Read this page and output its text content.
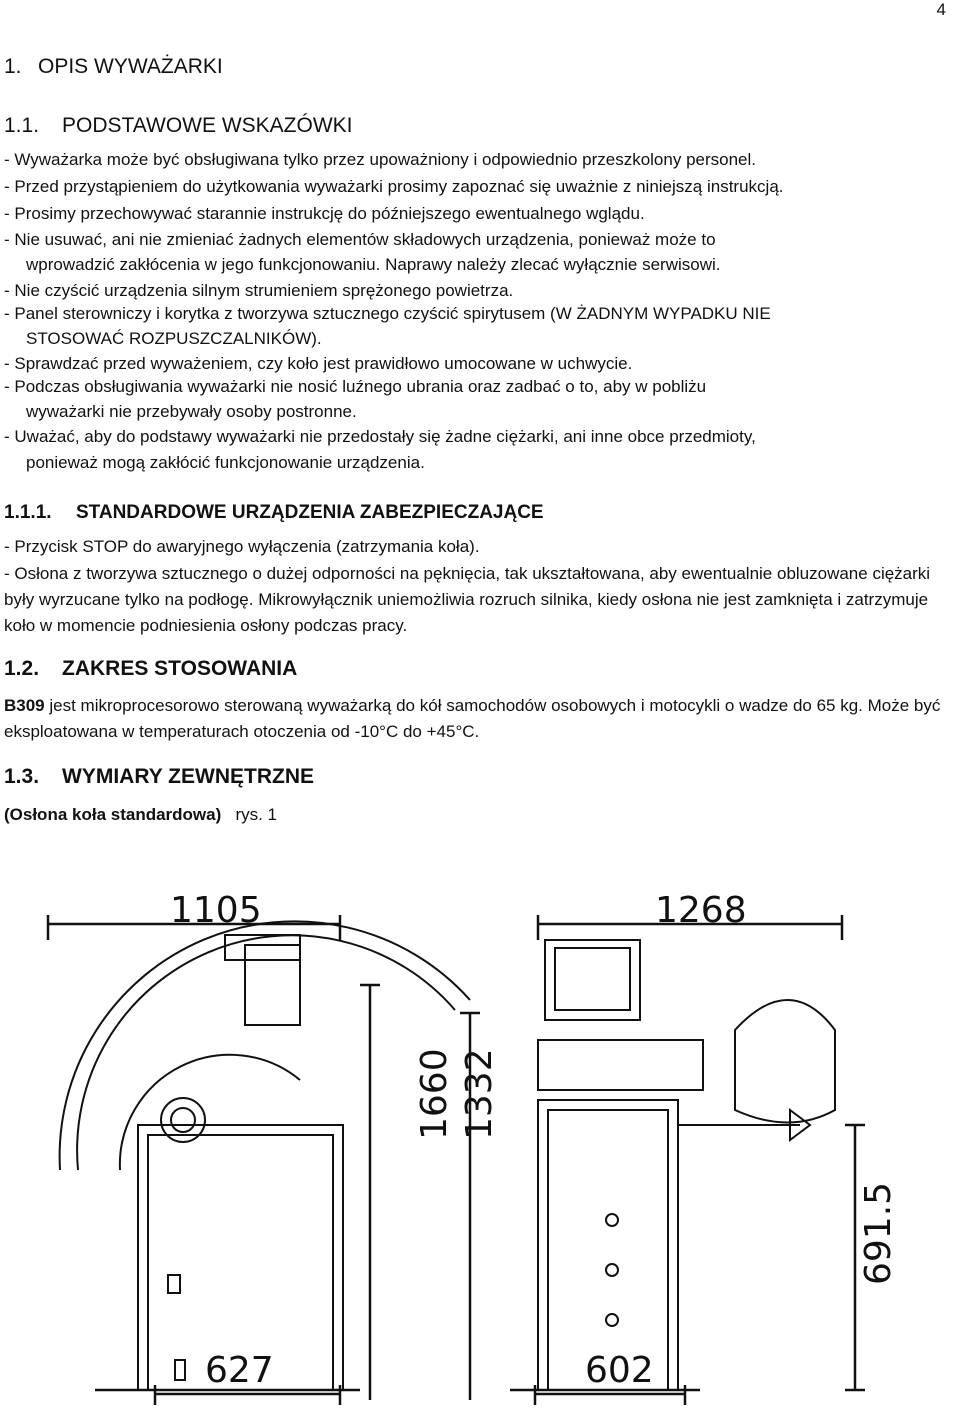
4
1. OPIS WYWAŻARKI
1.1. PODSTAWOWE WSKAZÓWKI
- Wyważarka może być obsługiwana tylko przez upoważniony i odpowiednio przeszkolony personel.
- Przed przystąpieniem do użytkowania wyważarki prosimy zapoznać się uważnie z niniejszą instrukcją.
- Prosimy przechowywać starannie instrukcję do późniejszego ewentualnego wglądu.
- Nie usuwać, ani nie zmieniać żadnych elementów składowych urządzenia, ponieważ może to
wprowadzić zakłócenia w jego funkcjonowaniu. Naprawy należy zlecać wyłącznie serwisowi.
- Nie czyścić urządzenia silnym strumieniem sprężonego powietrza.
- Panel sterowniczy i korytka z tworzywa sztucznego czyścić spirytusem (W ŻADNYM WYPADKU NIE
STOSOWAĆ ROZPUSZCZALNIKÓW).
- Sprawdzać przed wyważeniem, czy koło jest prawidłowo umocowane w uchwycie.
- Podczas obsługiwania wyważarki nie nosić luźnego ubrania oraz zadbać o to, aby w pobliżu
wyważarki nie przebywały osoby postronne.
- Uważać, aby do podstawy wyważarki nie przedostały się żadne ciężarki, ani inne obce przedmioty,
ponieważ mogą zakłócić funkcjonowanie urządzenia.
1.1.1. STANDARDOWE URZĄDZENIA ZABEZPIECZAJĄCE
- Przycisk STOP do awaryjnego wyłączenia (zatrzymania koła).
- Osłona z tworzywa sztucznego o dużej odporności na pęknięcia, tak ukształtowana, aby ewentualnie obluzowane ciężarki były wyrzucane tylko na podłogę. Mikrowyłącznik uniemożliwia rozruch silnika, kiedy osłona nie jest zamknięta i zatrzymuje koło w momencie podniesienia osłony podczas pracy.
1.2. ZAKRES STOSOWANIA
B309 jest mikroprocesorowo sterowaną wyważarką do kół samochodów osobowych i motocykli o wadze do 65 kg. Może być eksploatowana w temperaturach otoczenia od -10°C do +45°C.
1.3. WYMIARY ZEWNĘTRZNE
(Osłona koła standardowa) rys. 1
1105	1268
1660 1332
691.5
627	602
